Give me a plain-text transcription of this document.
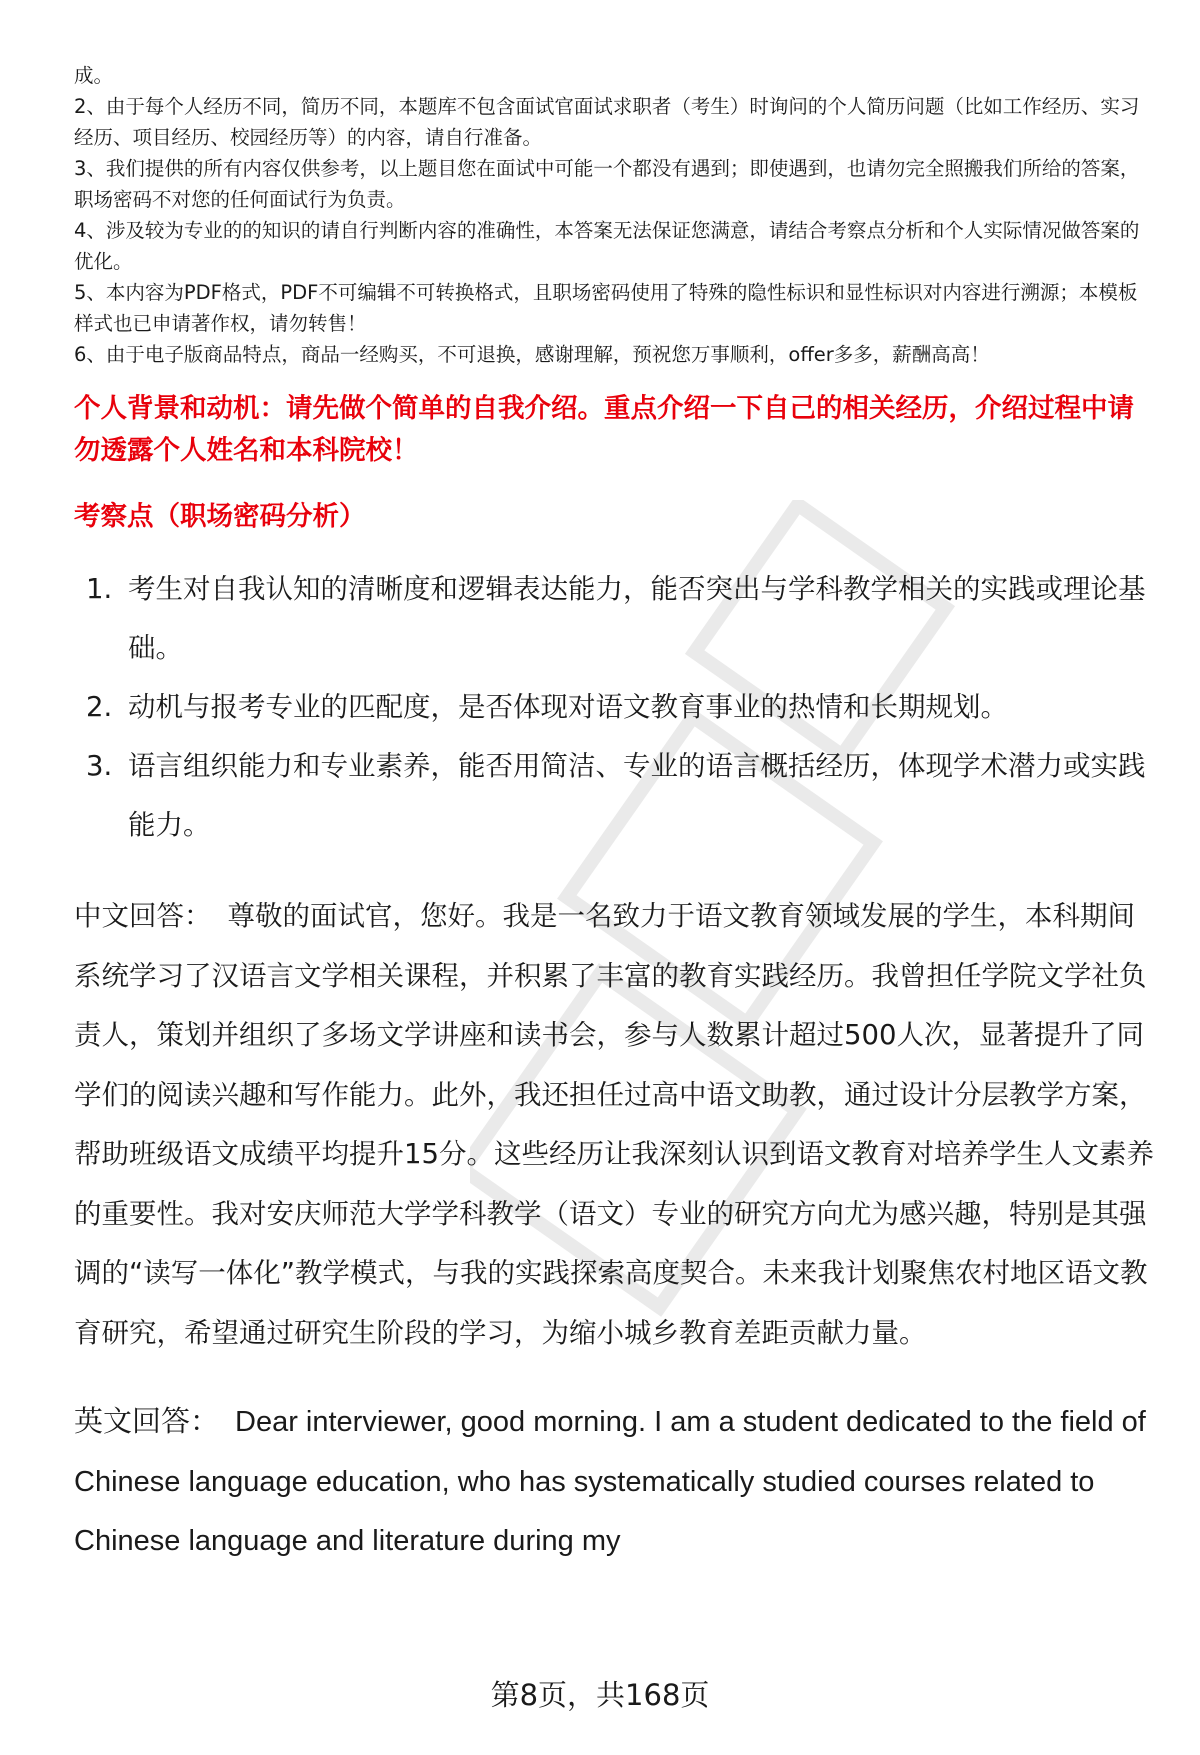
成。

2、由于每个人经历不同，简历不同，本题库不包含面试官面试求职者（考生）时询问的个人简历问题（比如工作经历、实习经历、项目经历、校园经历等）的内容，请自行准备。

3、我们提供的所有内容仅供参考，以上题目您在面试中可能一个都没有遇到；即使遇到，也请勿完全照搬我们所给的答案，职场密码不对您的任何面试行为负责。

4、涉及较为专业的的知识的请自行判断内容的准确性，本答案无法保证您满意，请结合考察点分析和个人实际情况做答案的优化。

5、本内容为PDF格式，PDF不可编辑不可转换格式，且职场密码使用了特殊的隐性标识和显性标识对内容进行溯源；本模板样式也已申请著作权，请勿转售！

6、由于电子版商品特点，商品一经购买，不可退换，感谢理解，预祝您万事顺利，offer多多，薪酬高高！

个人背景和动机：请先做个简单的自我介绍。重点介绍一下自己的相关经历，介绍过程中请勿透露个人姓名和本科院校！
考察点（职场密码分析）
1. 考生对自我认知的清晰度和逻辑表达能力，能否突出与学科教学相关的实践或理论基础。
2. 动机与报考专业的匹配度，是否体现对语文教育事业的热情和长期规划。
3. 语言组织能力和专业素养，能否用简洁、专业的语言概括经历，体现学术潜力或实践能力。
中文回答： 尊敬的面试官，您好。我是一名致力于语文教育领域发展的学生，本科期间系统学习了汉语言文学相关课程，并积累了丰富的教育实践经历。我曾担任学院文学社负责人，策划并组织了多场文学讲座和读书会，参与人数累计超过500人次，显著提升了同学们的阅读兴趣和写作能力。此外，我还担任过高中语文助教，通过设计分层教学方案，帮助班级语文成绩平均提升15分。这些经历让我深刻认识到语文教育对培养学生人文素养的重要性。我对安庆师范大学学科教学（语文）专业的研究方向尤为感兴趣，特别是其强调的“读写一体化”教学模式，与我的实践探索高度契合。未来我计划聚焦农村地区语文教育研究，希望通过研究生阶段的学习，为缩小城乡教育差距贡献力量。
英文回答： Dear interviewer, good morning. I am a student dedicated to the field of Chinese language education, who has systematically studied courses related to Chinese language and literature during my
第8页，共168页
